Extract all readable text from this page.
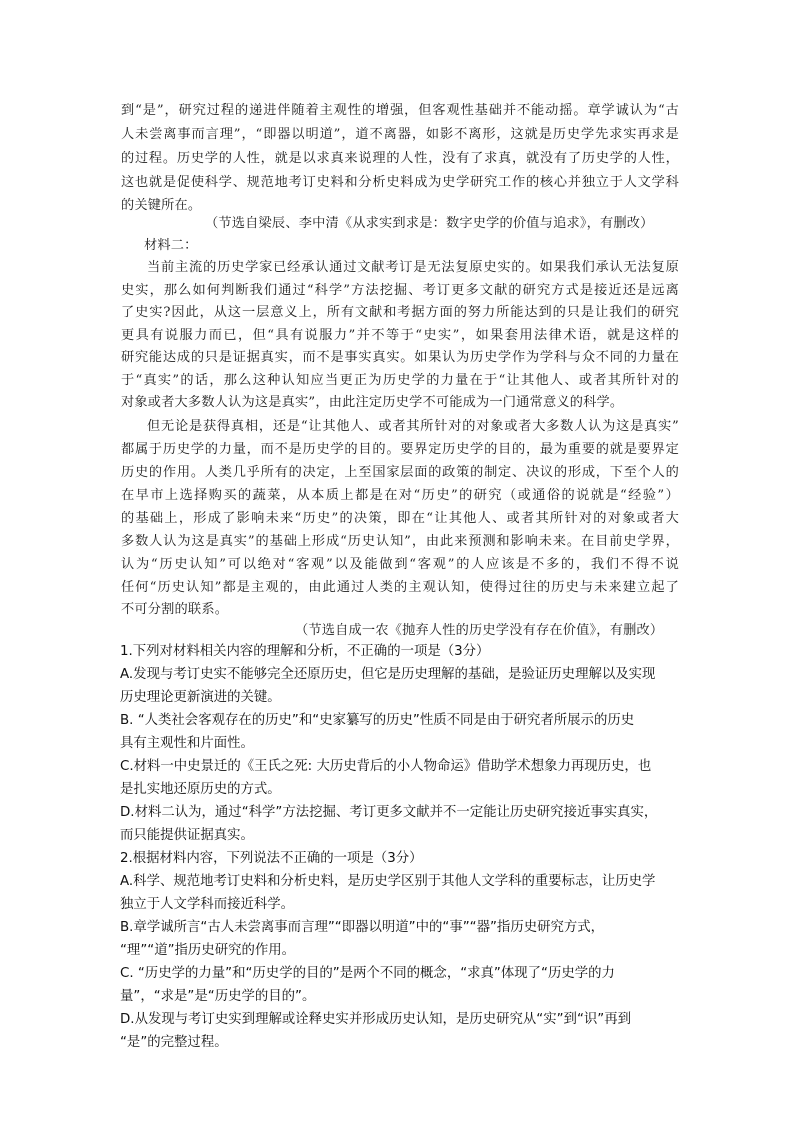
到“是”，研究过程的递进伴随着主观性的增强，但客观性基础并不能动摇。章学诚认为“古
人未尝离事而言理”，“即器以明道”，道不离器，如影不离形，这就是历史学先求实再求是
的过程。历史学的人性，就是以求真来说理的人性，没有了求真，就没有了历史学的人性，
这也就是促使科学、规范地考订史料和分析史料成为史学研究工作的核心并独立于人文学科
的关键所在。
（节选自梁辰、李中清《从求实到求是：数字史学的价值与追求》，有删改）
材料二：
当前主流的历史学家已经承认通过文献考订是无法复原史实的。如果我们承认无法复原
史实，那么如何判断我们通过“科学”方法挖掘、考订更多文献的研究方式是接近还是远离
了史实?因此，从这一层意义上，所有文献和考据方面的努力所能达到的只是让我们的研究
更具有说服力而已，但“具有说服力”并不等于“史实”，如果套用法律术语，就是这样的
研究能达成的只是证据真实，而不是事实真实。如果认为历史学作为学科与众不同的力量在
于“真实”的话，那么这种认知应当更正为历史学的力量在于“让其他人、或者其所针对的
对象或者大多数人认为这是真实”，由此注定历史学不可能成为一门通常意义的科学。
但无论是获得真相，还是“让其他人、或者其所针对的对象或者大多数人认为这是真实”
都属于历史学的力量，而不是历史学的目的。要界定历史学的目的，最为重要的就是要界定
历史的作用。人类几乎所有的决定，上至国家层面的政策的制定、决议的形成，下至个人的
在早市上选择购买的蔬菜，从本质上都是在对“历史”的研究（或通俗的说就是“经验”）
的基础上，形成了影响未来“历史”的决策，即在“让其他人、或者其所针对的对象或者大
多数人认为这是真实”的基础上形成“历史认知”，由此来预测和影响未来。在目前史学界，
认为“历史认知”可以绝对“客观”以及能做到“客观”的人应该是不多的，我们不得不说
任何“历史认知”都是主观的，由此通过人类的主观认知，使得过往的历史与未来建立起了
不可分割的联系。
（节选自成一农《抛弃人性的历史学没有存在价值》，有删改）
1.下列对材料相关内容的理解和分析，不正确的一项是（3分）
A.发现与考订史实不能够完全还原历史，但它是历史理解的基础，是验证历史理解以及实现
历史理论更新演进的关键。
B. “人类社会客观存在的历史”和“史家纂写的历史”性质不同是由于研究者所展示的历史
具有主观性和片面性。
C.材料一中史景迁的《王氏之死: 大历史背后的小人物命运》借助学术想象力再现历史，也
是扎实地还原历史的方式。
D.材料二认为，通过“科学”方法挖掘、考订更多文献并不一定能让历史研究接近事实真实，
而只能提供证据真实。
2.根据材料内容，下列说法不正确的一项是（3分）
A.科学、规范地考订史料和分析史料，是历史学区别于其他人文学科的重要标志，让历史学
独立于人文学科而接近科学。
B.章学诚所言“古人未尝离事而言理”“即器以明道”中的“事”“器”指历史研究方式，
“理”“道”指历史研究的作用。
C. “历史学的力量”和“历史学的目的”是两个不同的概念，“求真”体现了“历史学的力
量”，“求是”是“历史学的目的”。
D.从发现与考订史实到理解或诠释史实并形成历史认知，是历史研究从“实”到“识”再到
“是”的完整过程。
